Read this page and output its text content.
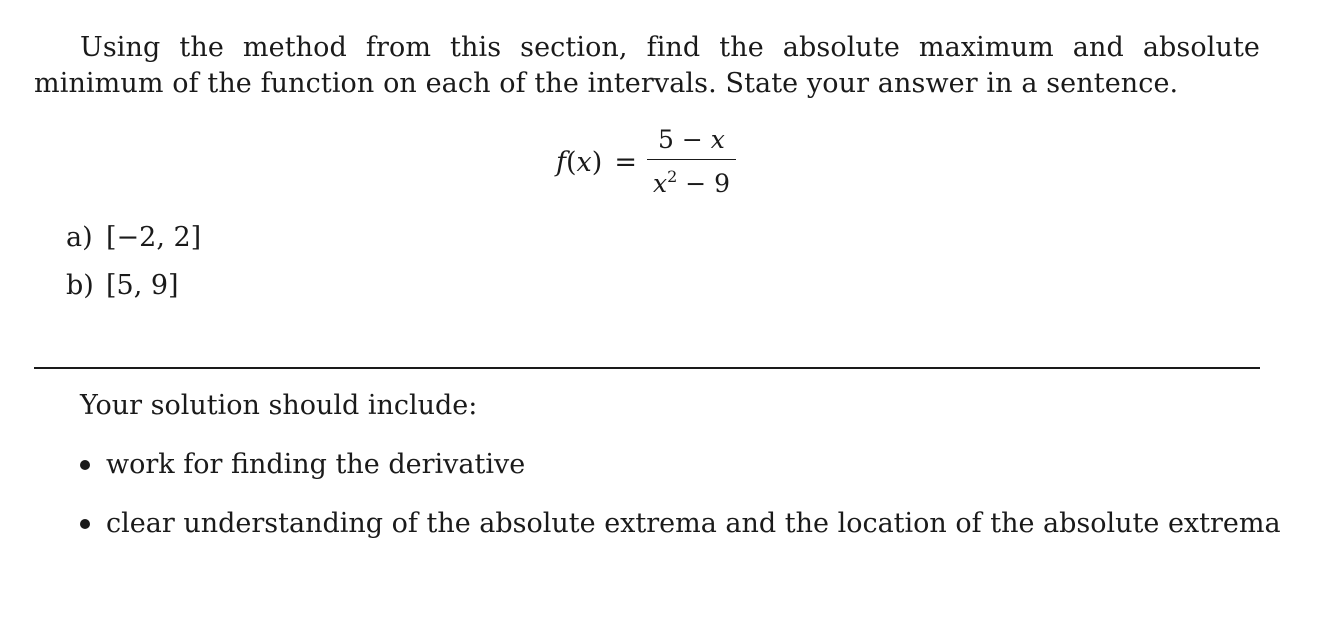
Using the method from this section, find the absolute maximum and absolute minimum of the function on each of the intervals. State your answer in a sentence.

$f(x) = \frac{5 - x}{x^2 - 9}$
a) [−2, 2]
b) [5, 9]
Your solution should include:
work for finding the derivative
clear understanding of the absolute extrema and the location of the absolute extrema
